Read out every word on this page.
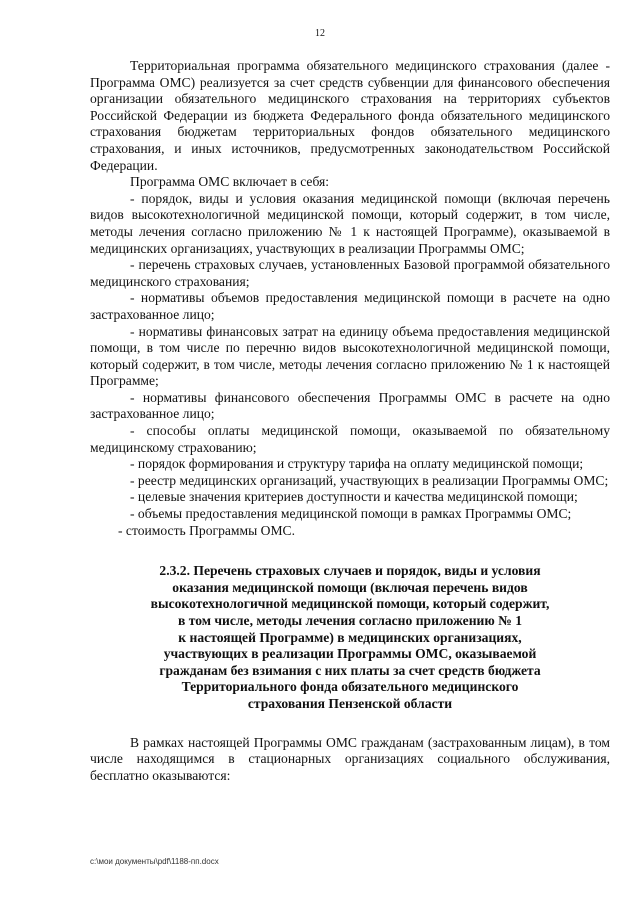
12

Территориальная программа обязательного медицинского страхования (далее - Программа ОМС) реализуется за счет средств субвенции для финансового обеспечения организации обязательного медицинского страхования на территориях субъектов Российской Федерации из бюджета Федерального фонда обязательного медицинского страхования бюджетам территориальных фондов обязательного медицинского страхования, и иных источников, предусмотренных законодательством Российской Федерации.

Программа ОМС включает в себя:

- порядок, виды и условия оказания медицинской помощи (включая перечень видов высокотехнологичной медицинской помощи, который содержит, в том числе, методы лечения согласно приложению № 1 к настоящей Программе), оказываемой в медицинских организациях, участвующих в реализации Программы ОМС;

- перечень страховых случаев, установленных Базовой программой обязательного медицинского страхования;

- нормативы объемов предоставления медицинской помощи в расчете на одно застрахованное лицо;

- нормативы финансовых затрат на единицу объема предоставления медицинской помощи, в том числе по перечню видов высокотехнологичной медицинской помощи, который содержит, в том числе, методы лечения согласно приложению № 1 к настоящей Программе;

- нормативы финансового обеспечения Программы ОМС в расчете на одно застрахованное лицо;

- способы оплаты медицинской помощи, оказываемой по обязательному медицинскому страхованию;

- порядок формирования и структуру тарифа на оплату медицинской помощи;

- реестр медицинских организаций, участвующих в реализации Программы ОМС;

- целевые значения критериев доступности и качества медицинской помощи;

- объемы предоставления медицинской помощи в рамках Программы ОМС;

- стоимость Программы ОМС.

2.3.2. Перечень страховых случаев и порядок, виды и условия
оказания медицинской помощи (включая перечень видов
высокотехнологичной медицинской помощи, который содержит,
в том числе, методы лечения согласно приложению № 1
к настоящей Программе) в медицинских организациях,
участвующих в реализации Программы ОМС, оказываемой
гражданам без взимания с них платы за счет средств бюджета
Территориального фонда обязательного медицинского
страхования Пензенской области

В рамках настоящей Программы ОМС гражданам (застрахованным лицам), в том числе находящимся в стационарных организациях социального обслуживания, бесплатно оказываются:

c:\мои документы\pdf\1188-пп.docx
